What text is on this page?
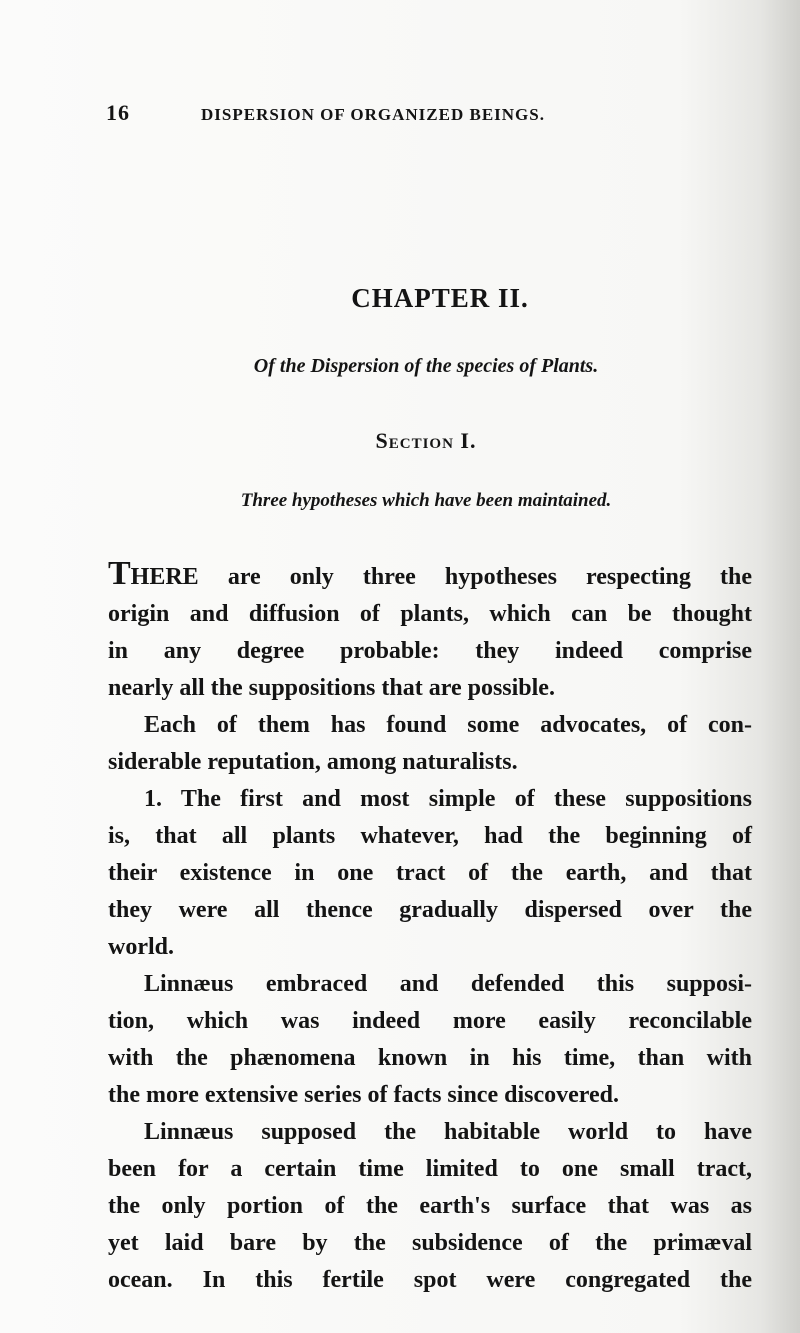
16	DISPERSION OF ORGANIZED BEINGS.
CHAPTER II.
Of the Dispersion of the species of Plants.
Section I.
Three hypotheses which have been maintained.

There are only three hypotheses respecting the
origin and diffusion of plants, which can be thought
in any degree probable: they indeed comprise
nearly all the suppositions that are possible.

Each of them has found some advocates, of con-
siderable reputation, among naturalists.

1. The first and most simple of these suppositions
is, that all plants whatever, had the beginning of
their existence in one tract of the earth, and that
they were all thence gradually dispersed over the
world.

Linnæus embraced and defended this supposi-
tion, which was indeed more easily reconcilable
with the phænomena known in his time, than with
the more extensive series of facts since discovered.

Linnæus supposed the habitable world to have
been for a certain time limited to one small tract,
the only portion of the earth's surface that was as
yet laid bare by the subsidence of the primæval
ocean. In this fertile spot were congregated the
